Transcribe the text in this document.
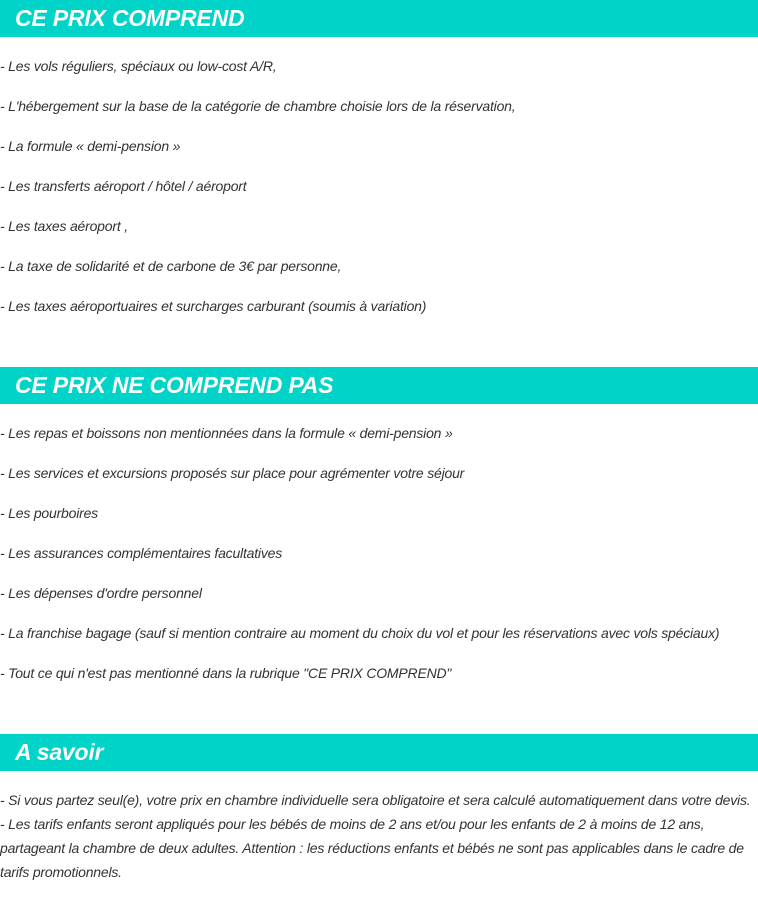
CE PRIX COMPREND
- Les vols réguliers, spéciaux ou low-cost A/R,
- L'hébergement sur la base de la catégorie de chambre choisie lors de la réservation,
- La formule « demi-pension »
- Les transferts aéroport / hôtel / aéroport
- Les taxes aéroport ,
- La taxe de solidarité et de carbone de 3€ par personne,
- Les taxes aéroportuaires et surcharges carburant (soumis à variation)
CE PRIX NE COMPREND PAS
- Les repas et boissons non mentionnées dans la formule « demi-pension »
- Les services et excursions proposés sur place pour agrémenter votre séjour
- Les pourboires
- Les assurances complémentaires facultatives
- Les dépenses d'ordre personnel
- La franchise bagage (sauf si mention contraire au moment du choix du vol et pour les réservations avec vols spéciaux)
- Tout ce qui n'est pas mentionné dans la rubrique "CE PRIX COMPREND"
A savoir

- Si vous partez seul(e), votre prix en chambre individuelle sera obligatoire et sera calculé automatiquement dans votre devis.

- Les tarifs enfants seront appliqués pour les bébés de moins de 2 ans et/ou pour les enfants de 2 à moins de 12 ans, partageant la chambre de deux adultes. Attention : les réductions enfants et bébés ne sont pas applicables dans le cadre de tarifs promotionnels.
